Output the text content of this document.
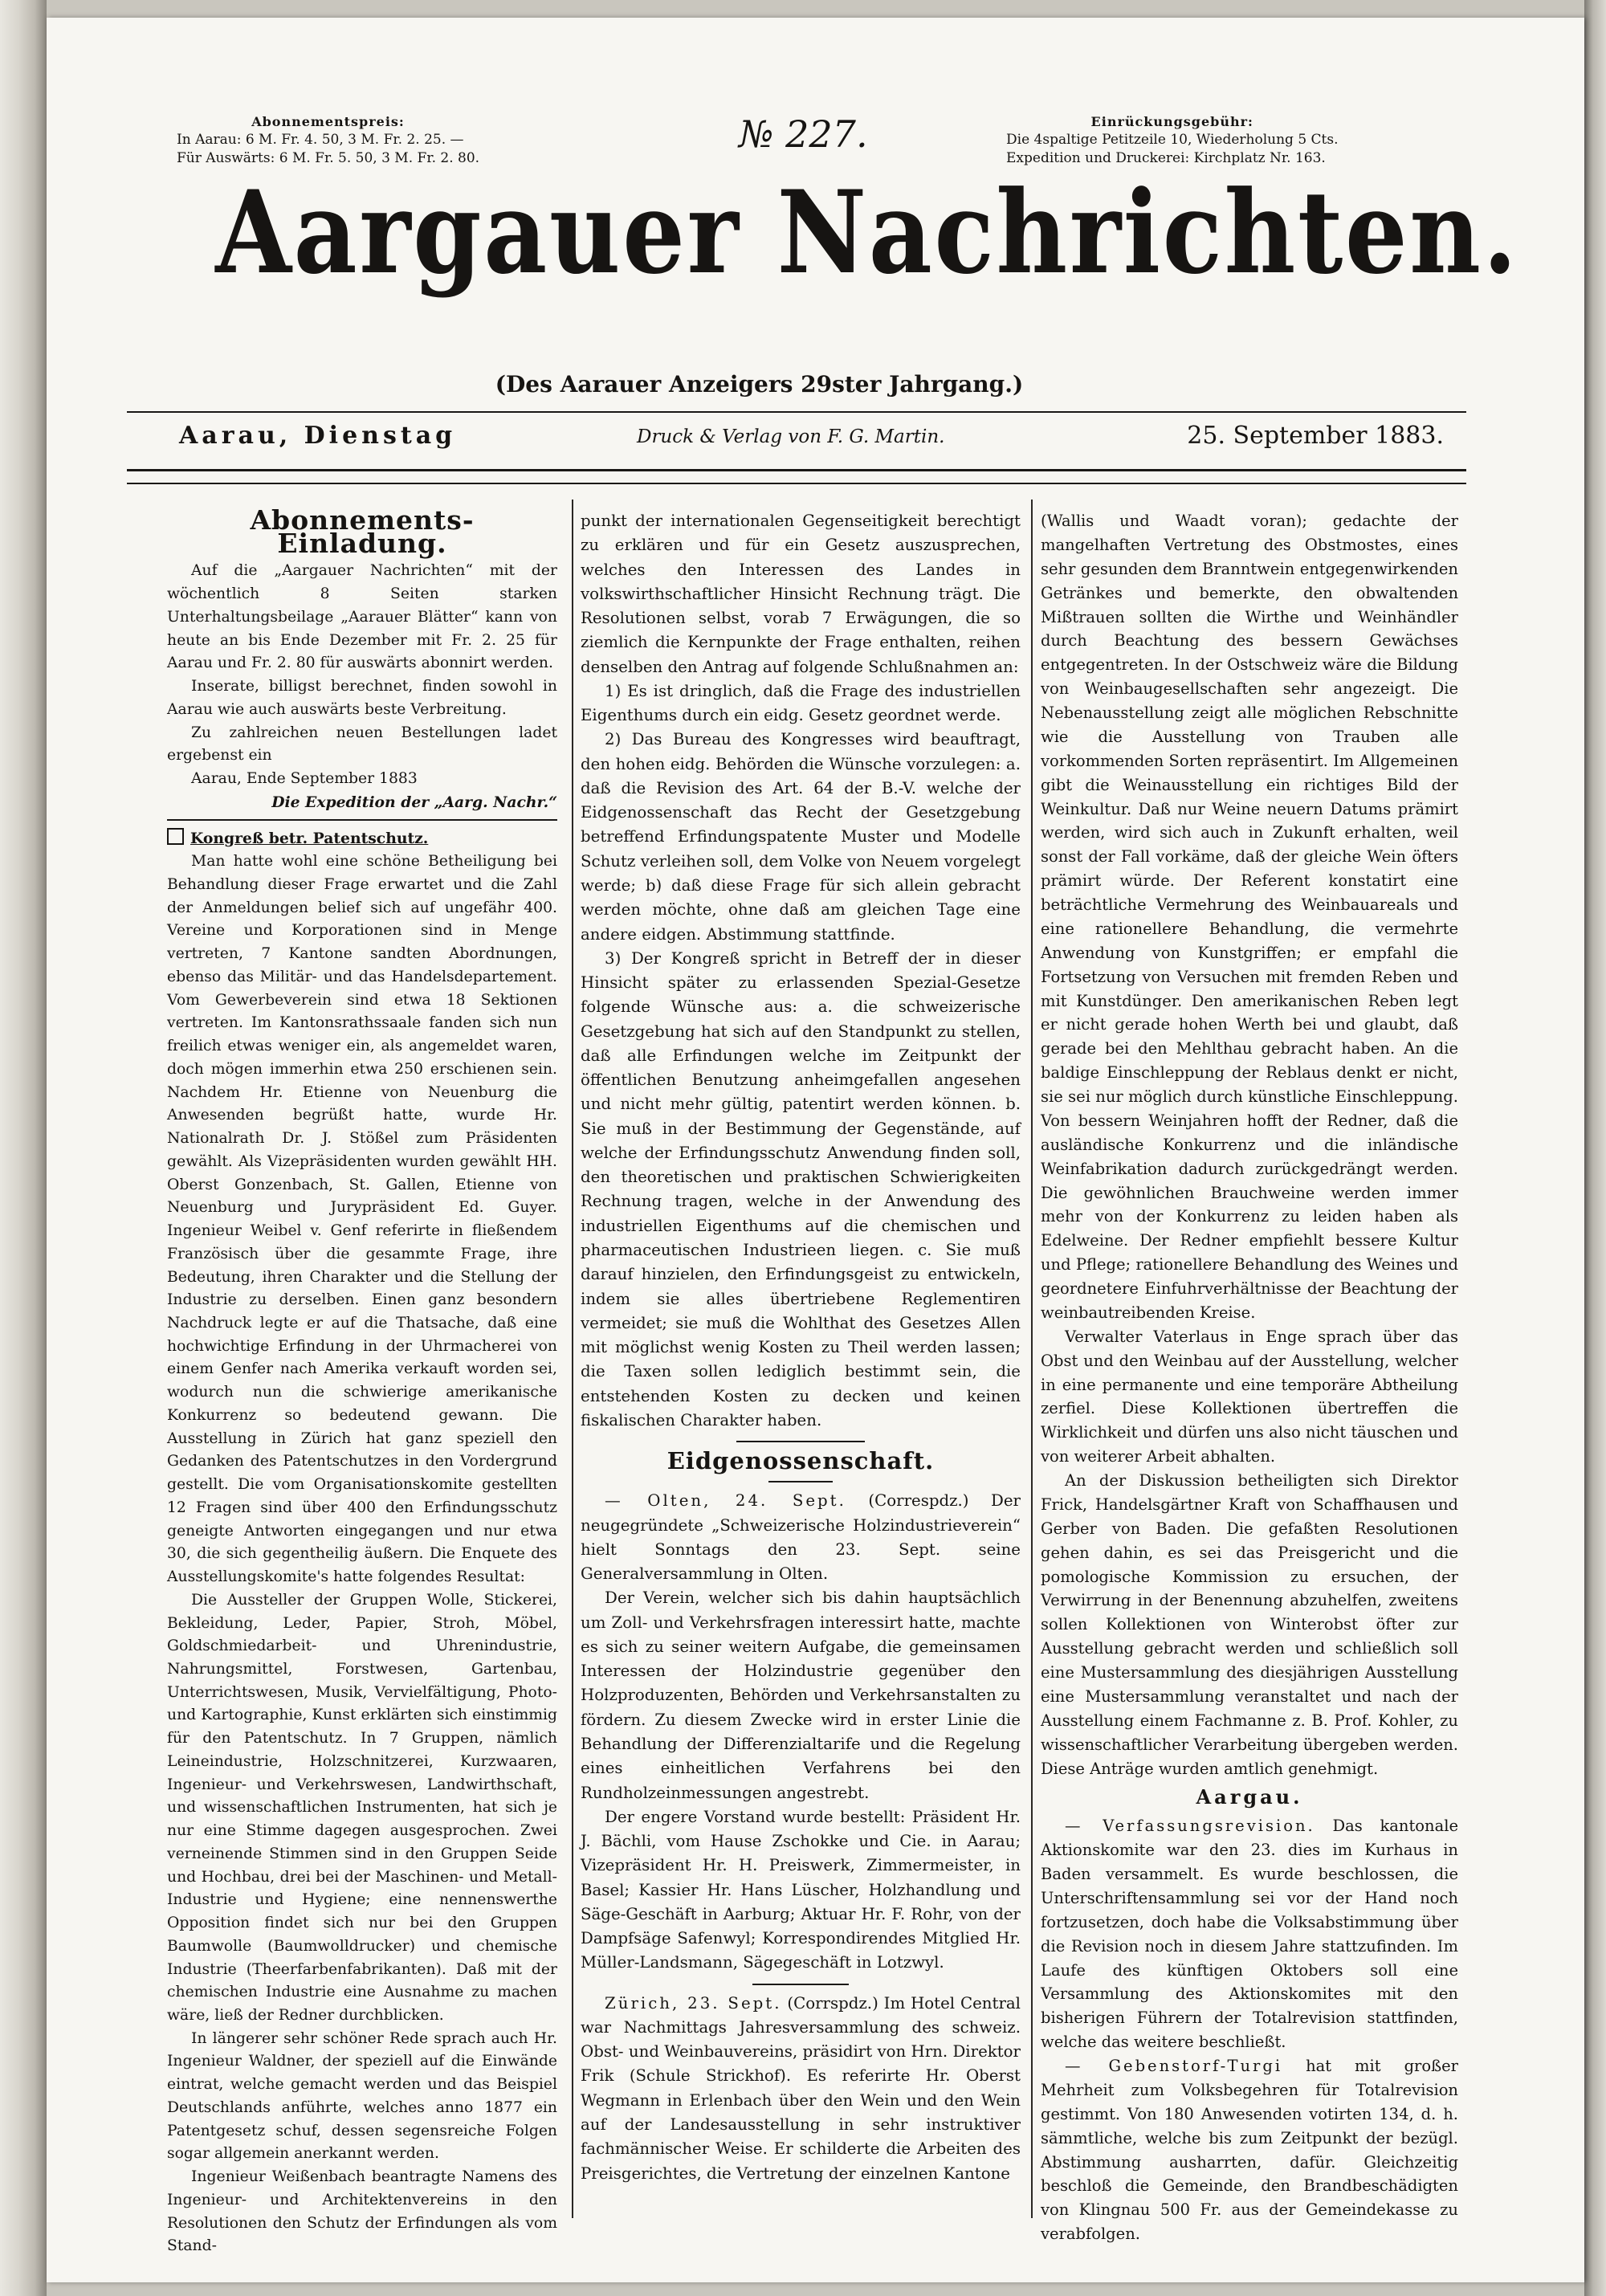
Abonnementspreis:
In Aarau: 6 M. Fr. 4. 50, 3 M. Fr. 2. 25. —
Für Auswärts: 6 M. Fr. 5. 50, 3 M. Fr. 2. 80.
№ 227.	Einrückungsgebühr:
Die 4spaltige Petitzeile 10, Wiederholung 5 Cts.
Expedition und Druckerei: Kirchplatz Nr. 163.
Aargauer Nachrichten.
(Des Aarauer Anzeigers 29ster Jahrgang.)
Aarau, Dienstag	Druck & Verlag von F. G. Martin.	25. September 1883.
Abonnements-Einladung.

Auf die „Aargauer Nachrichten“ mit der wöchentlich 8 Seiten starken Unterhaltungsbeilage „Aarauer Blätter“ kann von heute an bis Ende Dezember mit Fr. 2. 25 für Aarau und Fr. 2. 80 für auswärts abonnirt werden.

Inserate, billigst berechnet, finden sowohl in Aarau wie auch auswärts beste Verbreitung.

Zu zahlreichen neuen Bestellungen ladet ergebenst ein

Aarau, Ende September 1883
Die Expedition der „Aarg. Nachr.“

Kongreß betr. Patentschutz.

Man hatte wohl eine schöne Betheiligung bei Behandlung dieser Frage erwartet und die Zahl der Anmeldungen belief sich auf ungefähr 400. Vereine und Korporationen sind in Menge vertreten, 7 Kantone sandten Abordnungen, ebenso das Militär- und das Handelsdepartement. Vom Gewerbeverein sind etwa 18 Sektionen vertreten. Im Kantonsrathssaale fanden sich nun freilich etwas weniger ein, als angemeldet waren, doch mögen immerhin etwa 250 erschienen sein. Nachdem Hr. Etienne von Neuenburg die Anwesenden begrüßt hatte, wurde Hr. Nationalrath Dr. J. Stößel zum Präsidenten gewählt. Als Vizepräsidenten wurden gewählt HH. Oberst Gonzenbach, St. Gallen, Etienne von Neuenburg und Jurypräsident Ed. Guyer. Ingenieur Weibel v. Genf referirte in fließendem Französisch über die gesammte Frage, ihre Bedeutung, ihren Charakter und die Stellung der Industrie zu derselben. Einen ganz besondern Nachdruck legte er auf die Thatsache, daß eine hochwichtige Erfindung in der Uhrmacherei von einem Genfer nach Amerika verkauft worden sei, wodurch nun die schwierige amerikanische Konkurrenz so bedeutend gewann. Die Ausstellung in Zürich hat ganz speziell den Gedanken des Patentschutzes in den Vordergrund gestellt. Die vom Organisationskomite gestellten 12 Fragen sind über 400 den Erfindungsschutz geneigte Antworten eingegangen und nur etwa 30, die sich gegentheilig äußern. Die Enquete des Ausstellungskomite's hatte folgendes Resultat:

Die Aussteller der Gruppen Wolle, Stickerei, Bekleidung, Leder, Papier, Stroh, Möbel, Goldschmiedarbeit- und Uhrenindustrie, Nahrungsmittel, Forstwesen, Gartenbau, Unterrichtswesen, Musik, Vervielfältigung, Photo- und Kartographie, Kunst erklärten sich einstimmig für den Patentschutz. In 7 Gruppen, nämlich Leineindustrie, Holzschnitzerei, Kurzwaaren, Ingenieur- und Verkehrswesen, Landwirthschaft, und wissenschaftlichen Instrumenten, hat sich je nur eine Stimme dagegen ausgesprochen. Zwei verneinende Stimmen sind in den Gruppen Seide und Hochbau, drei bei der Maschinen- und Metall-Industrie und Hygiene; eine nennenswerthe Opposition findet sich nur bei den Gruppen Baumwolle (Baumwolldrucker) und chemische Industrie (Theerfarbenfabrikanten). Daß mit der chemischen Industrie eine Ausnahme zu machen wäre, ließ der Redner durchblicken.

In längerer sehr schöner Rede sprach auch Hr. Ingenieur Waldner, der speziell auf die Einwände eintrat, welche gemacht werden und das Beispiel Deutschlands anführte, welches anno 1877 ein Patentgesetz schuf, dessen segensreiche Folgen sogar allgemein anerkannt werden.

Ingenieur Weißenbach beantragte Namens des Ingenieur- und Architektenvereins in den Resolutionen den Schutz der Erfindungen als vom Stand-

punkt der internationalen Gegenseitigkeit berechtigt zu erklären und für ein Gesetz auszusprechen, welches den Interessen des Landes in volkswirthschaftlicher Hinsicht Rechnung trägt. Die Resolutionen selbst, vorab 7 Erwägungen, die so ziemlich die Kernpunkte der Frage enthalten, reihen denselben den Antrag auf folgende Schlußnahmen an:

1) Es ist dringlich, daß die Frage des industriellen Eigenthums durch ein eidg. Gesetz geordnet werde.

2) Das Bureau des Kongresses wird beauftragt, den hohen eidg. Behörden die Wünsche vorzulegen: a. daß die Revision des Art. 64 der B.-V. welche der Eidgenossenschaft das Recht der Gesetzgebung betreffend Erfindungspatente Muster und Modelle Schutz verleihen soll, dem Volke von Neuem vorgelegt werde; b) daß diese Frage für sich allein gebracht werden möchte, ohne daß am gleichen Tage eine andere eidgen. Abstimmung stattfinde.

3) Der Kongreß spricht in Betreff der in dieser Hinsicht später zu erlassenden Spezial-Gesetze folgende Wünsche aus: a. die schweizerische Gesetzgebung hat sich auf den Standpunkt zu stellen, daß alle Erfindungen welche im Zeitpunkt der öffentlichen Benutzung anheimgefallen angesehen und nicht mehr gültig, patentirt werden können. b. Sie muß in der Bestimmung der Gegenstände, auf welche der Erfindungsschutz Anwendung finden soll, den theoretischen und praktischen Schwierigkeiten Rechnung tragen, welche in der Anwendung des industriellen Eigenthums auf die chemischen und pharmaceutischen Industrieen liegen. c. Sie muß darauf hinzielen, den Erfindungsgeist zu entwickeln, indem sie alles übertriebene Reglementiren vermeidet; sie muß die Wohlthat des Gesetzes Allen mit möglichst wenig Kosten zu Theil werden lassen; die Taxen sollen lediglich bestimmt sein, die entstehenden Kosten zu decken und keinen fiskalischen Charakter haben.

Eidgenossenschaft.

— Olten, 24. Sept. (Correspdz.) Der neugegründete „Schweizerische Holzindustrieverein“ hielt Sonntags den 23. Sept. seine Generalversammlung in Olten.

Der Verein, welcher sich bis dahin hauptsächlich um Zoll- und Verkehrsfragen interessirt hatte, machte es sich zu seiner weitern Aufgabe, die gemeinsamen Interessen der Holzindustrie gegenüber den Holzproduzenten, Behörden und Verkehrsanstalten zu fördern. Zu diesem Zwecke wird in erster Linie die Behandlung der Differenzialtarife und die Regelung eines einheitlichen Verfahrens bei den Rundholzeinmessungen angestrebt.

Der engere Vorstand wurde bestellt: Präsident Hr. J. Bächli, vom Hause Zschokke und Cie. in Aarau; Vizepräsident Hr. H. Preiswerk, Zimmermeister, in Basel; Kassier Hr. Hans Lüscher, Holzhandlung und Säge-Geschäft in Aarburg; Aktuar Hr. F. Rohr, von der Dampfsäge Safenwyl; Korrespondirendes Mitglied Hr. Müller-Landsmann, Sägegeschäft in Lotzwyl.

Zürich, 23. Sept. (Corrspdz.) Im Hotel Central war Nachmittags Jahresversammlung des schweiz. Obst- und Weinbauvereins, präsidirt von Hrn. Direktor Frik (Schule Strickhof). Es referirte Hr. Oberst Wegmann in Erlenbach über den Wein und den Wein auf der Landesausstellung in sehr instruktiver fachmännischer Weise. Er schilderte die Arbeiten des Preisgerichtes, die Vertretung der einzelnen Kantone

(Wallis und Waadt voran); gedachte der mangelhaften Vertretung des Obstmostes, eines sehr gesunden dem Branntwein entgegenwirkenden Getränkes und bemerkte, den obwaltenden Mißtrauen sollten die Wirthe und Weinhändler durch Beachtung des bessern Gewächses entgegentreten. In der Ostschweiz wäre die Bildung von Weinbaugesellschaften sehr angezeigt. Die Nebenausstellung zeigt alle möglichen Rebschnitte wie die Ausstellung von Trauben alle vorkommenden Sorten repräsentirt. Im Allgemeinen gibt die Weinausstellung ein richtiges Bild der Weinkultur. Daß nur Weine neuern Datums prämirt werden, wird sich auch in Zukunft erhalten, weil sonst der Fall vorkäme, daß der gleiche Wein öfters prämirt würde. Der Referent konstatirt eine beträchtliche Vermehrung des Weinbauareals und eine rationellere Behandlung, die vermehrte Anwendung von Kunstgriffen; er empfahl die Fortsetzung von Versuchen mit fremden Reben und mit Kunstdünger. Den amerikanischen Reben legt er nicht gerade hohen Werth bei und glaubt, daß gerade bei den Mehlthau gebracht haben. An die baldige Einschleppung der Reblaus denkt er nicht, sie sei nur möglich durch künstliche Einschleppung. Von bessern Weinjahren hofft der Redner, daß die ausländische Konkurrenz und die inländische Weinfabrikation dadurch zurückgedrängt werden. Die gewöhnlichen Brauchweine werden immer mehr von der Konkurrenz zu leiden haben als Edelweine. Der Redner empfiehlt bessere Kultur und Pflege; rationellere Behandlung des Weines und geordnetere Einfuhrverhältnisse der Beachtung der weinbautreibenden Kreise.

Verwalter Vaterlaus in Enge sprach über das Obst und den Weinbau auf der Ausstellung, welcher in eine permanente und eine temporäre Abtheilung zerfiel. Diese Kollektionen übertreffen die Wirklichkeit und dürfen uns also nicht täuschen und von weiterer Arbeit abhalten.

An der Diskussion betheiligten sich Direktor Frick, Handelsgärtner Kraft von Schaffhausen und Gerber von Baden. Die gefaßten Resolutionen gehen dahin, es sei das Preisgericht und die pomologische Kommission zu ersuchen, der Verwirrung in der Benennung abzuhelfen, zweitens sollen Kollektionen von Winterobst öfter zur Ausstellung gebracht werden und schließlich soll eine Mustersammlung des diesjährigen Ausstellung eine Mustersammlung veranstaltet und nach der Ausstellung einem Fachmanne z. B. Prof. Kohler, zu wissenschaftlicher Verarbeitung übergeben werden. Diese Anträge wurden amtlich genehmigt.

Aargau.

— Verfassungsrevision. Das kantonale Aktionskomite war den 23. dies im Kurhaus in Baden versammelt. Es wurde beschlossen, die Unterschriftensammlung sei vor der Hand noch fortzusetzen, doch habe die Volksabstimmung über die Revision noch in diesem Jahre stattzufinden. Im Laufe des künftigen Oktobers soll eine Versammlung des Aktionskomites mit den bisherigen Führern der Totalrevision stattfinden, welche das weitere beschließt.

— Gebenstorf-Turgi hat mit großer Mehrheit zum Volksbegehren für Totalrevision gestimmt. Von 180 Anwesenden votirten 134, d. h. sämmtliche, welche bis zum Zeitpunkt der bezügl. Abstimmung ausharrten, dafür. Gleichzeitig beschloß die Gemeinde, den Brandbeschädigten von Klingnau 500 Fr. aus der Gemeindekasse zu verabfolgen.
